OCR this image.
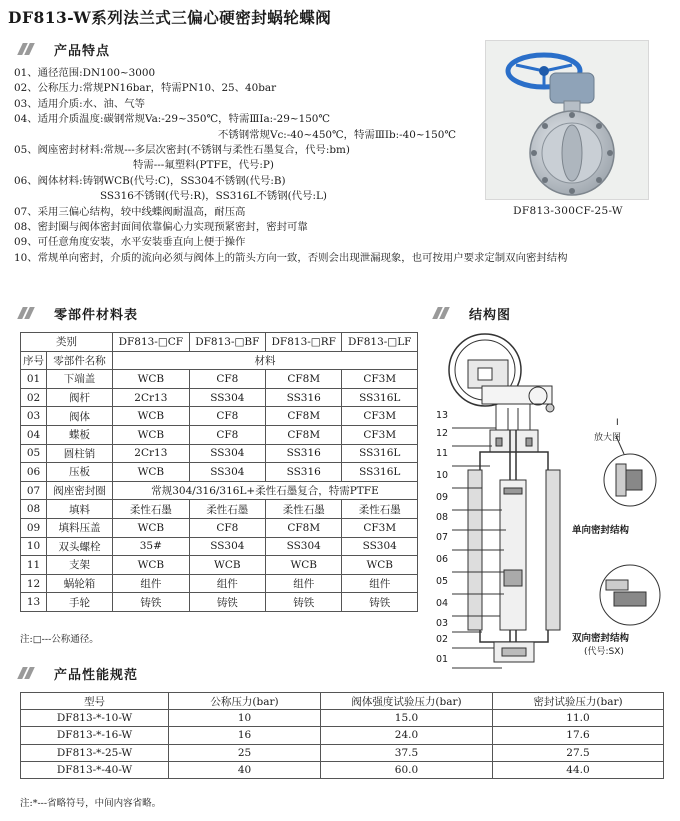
DF813-W系列法兰式三偏心硬密封蜗轮蝶阀
产品特点
01、通径范围:DN100~3000
02、公称压力:常规PN16bar，特需PN10、25、40bar
03、适用介质:水、油、气等
04、适用介质温度:碳钢常规Va:-29~350℃，特需ⅢIa:-29~150℃
不锈钢常规Vc:-40~450℃，特需ⅢIb:-40~150℃
05、阀座密封材料:常规---多层次密封(不锈钢与柔性石墨复合，代号:bm)
特需---氟塑料(PTFE，代号:P)
06、阀体材料:铸钢WCB(代号:C)，SS304不锈钢(代号:B)
SS316不锈钢(代号:R)，SS316L不锈钢(代号:L)
07、采用三偏心结构，较中线蝶阀耐温高，耐压高
08、密封圈与阀体密封面间依靠偏心力实现预紧密封，密封可靠
09、可任意角度安装，水平安装垂直向上便于操作
10、常规单向密封，介质的流向必须与阀体上的箭头方向一致，否则会出现泄漏现象，也可按用户要求定制双向密封结构
DF813-300CF-25-W
零部件材料表	结构图
类别		DF813-□CF	DF813-□BF	DF813-□RF	DF813-□LF
序号	零部件名称	材料			
01	下端盖	WCB	CF8	CF8M	CF3M
02	阀杆	2Cr13	SS304	SS316	SS316L
03	阀体	WCB	CF8	CF8M	CF3M
04	蝶板	WCB	CF8	CF8M	CF3M
05	圆柱销	2Cr13	SS304	SS316	SS316L
06	压板	WCB	SS304	SS316	SS316L
07	阀座密封圈	常规304/316/316L+柔性石墨复合，特需PTFE			
08	填料	柔性石墨	柔性石墨	柔性石墨	柔性石墨
09	填料压盖	WCB	CF8	CF8M	CF3M
10	双头螺栓	35#	SS304	SS304	SS304
11	支架	WCB	WCB	WCB	WCB
12	蜗轮箱	组件	组件	组件	组件
13	手轮	铸铁	铸铁	铸铁	铸铁
注:□---公称通径。
13
12
11
10
09
08
07
06
05
04
03
02
01
I
放大图
单向密封结构
双向密封结构
(代号:SX)
产品性能规范
型号	公称压力(bar)	阀体强度试验压力(bar)	密封试验压力(bar)
DF813-*-10-W	10	15.0	11.0
DF813-*-16-W	16	24.0	17.6
DF813-*-25-W	25	37.5	27.5
DF813-*-40-W	40	60.0	44.0
注:*---省略符号，中间内容省略。
